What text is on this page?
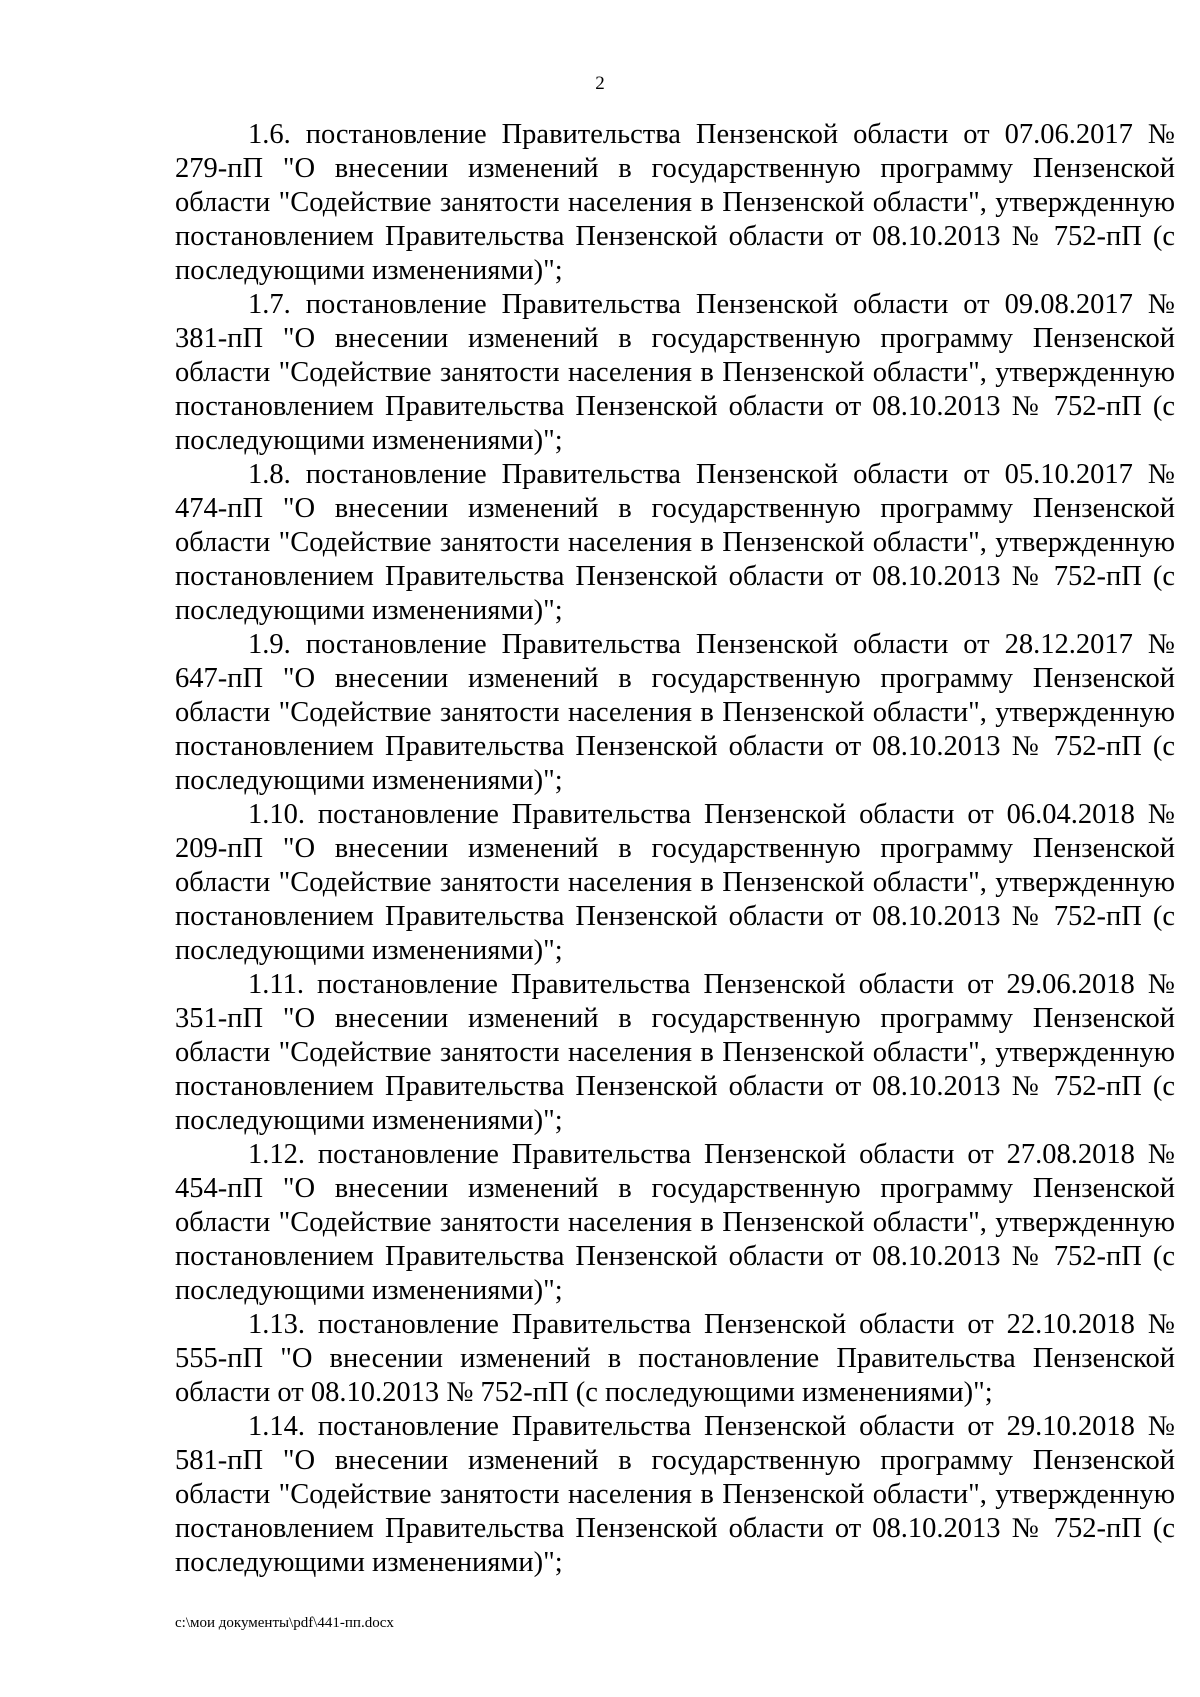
2

1.6. постановление Правительства Пензенской области от 07.06.2017 № 279-пП "О внесении изменений в государственную программу Пензенской области "Содействие занятости населения в Пензенской области", утвержденную постановлением Правительства Пензенской области от 08.10.2013 № 752-пП (с последующими изменениями)";

1.7. постановление Правительства Пензенской области от 09.08.2017 № 381-пП "О внесении изменений в государственную программу Пензенской области "Содействие занятости населения в Пензенской области", утвержденную постановлением Правительства Пензенской области от 08.10.2013 № 752-пП (с последующими изменениями)";

1.8. постановление Правительства Пензенской области от 05.10.2017 № 474-пП "О внесении изменений в государственную программу Пензенской области "Содействие занятости населения в Пензенской области", утвержденную постановлением Правительства Пензенской области от 08.10.2013 № 752-пП (с последующими изменениями)";

1.9. постановление Правительства Пензенской области от 28.12.2017 № 647-пП "О внесении изменений в государственную программу Пензенской области "Содействие занятости населения в Пензенской области", утвержденную постановлением Правительства Пензенской области от 08.10.2013 № 752-пП (с последующими изменениями)";

1.10. постановление Правительства Пензенской области от 06.04.2018 № 209-пП "О внесении изменений в государственную программу Пензенской области "Содействие занятости населения в Пензенской области", утвержденную постановлением Правительства Пензенской области от 08.10.2013 № 752-пП (с последующими изменениями)";

1.11. постановление Правительства Пензенской области от 29.06.2018 № 351-пП "О внесении изменений в государственную программу Пензенской области "Содействие занятости населения в Пензенской области", утвержденную постановлением Правительства Пензенской области от 08.10.2013 № 752-пП (с последующими изменениями)";

1.12. постановление Правительства Пензенской области от 27.08.2018 № 454-пП "О внесении изменений в государственную программу Пензенской области "Содействие занятости населения в Пензенской области", утвержденную постановлением Правительства Пензенской области от 08.10.2013 № 752-пП (с последующими изменениями)";

1.13. постановление Правительства Пензенской области от 22.10.2018 № 555-пП "О внесении изменений в постановление Правительства Пензенской области от 08.10.2013 № 752-пП (с последующими изменениями)";

1.14. постановление Правительства Пензенской области от 29.10.2018 № 581-пП "О внесении изменений в государственную программу Пензенской области "Содействие занятости населения в Пензенской области", утвержденную постановлением Правительства Пензенской области от 08.10.2013 № 752-пП (с последующими изменениями)";

c:\мои документы\pdf\441-пп.docx
